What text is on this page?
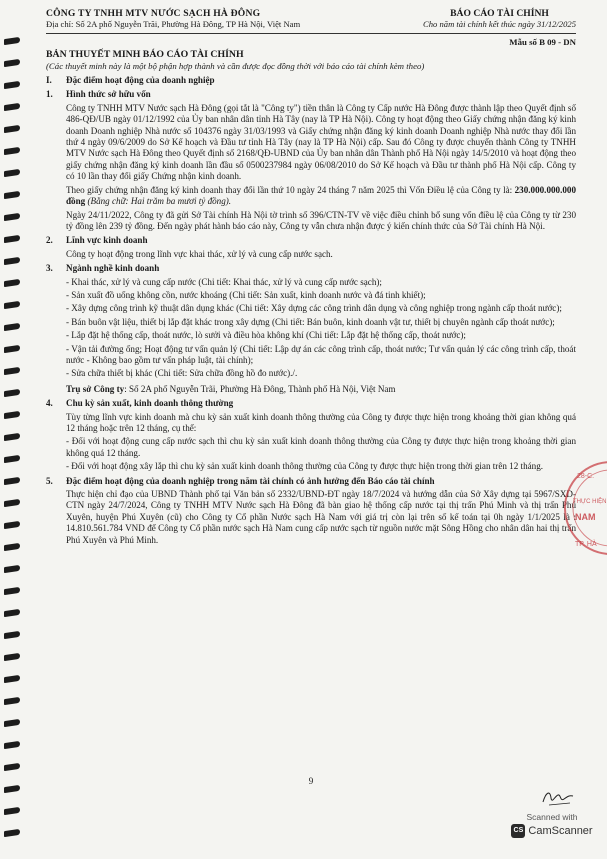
CÔNG TY TNHH MTV NƯỚC SẠCH HÀ ĐÔNG
Địa chỉ: Số 2A phố Nguyễn Trãi, Phường Hà Đông, TP Hà Nội, Việt Nam
BÁO CÁO TÀI CHÍNH
Cho năm tài chính kết thúc ngày 31/12/2025
Mẫu số B 09 - DN
BẢN THUYẾT MINH BÁO CÁO TÀI CHÍNH
(Các thuyết minh này là một bộ phận hợp thành và cần được đọc đồng thời với báo cáo tài chính kèm theo)
I.	Đặc điểm hoạt động của doanh nghiệp
1.	Hình thức sở hữu vốn
Công ty TNHH MTV Nước sạch Hà Đông (gọi tắt là "Công ty") tiền thân là Công ty Cấp nước Hà Đông được thành lập theo Quyết định số 486-QĐ/UB ngày 01/12/1992 của Ủy ban nhân dân tỉnh Hà Tây (nay là TP Hà Nội). Công ty hoạt động theo Giấy chứng nhận đăng ký kinh doanh Doanh nghiệp Nhà nước số 104376 ngày 31/03/1993 và Giấy chứng nhận đăng ký kinh doanh Doanh nghiệp Nhà nước thay đổi lần thứ 4 ngày 09/6/2009 do Sở Kế hoạch và Đầu tư tỉnh Hà Tây (nay là TP Hà Nội) cấp. Sau đó Công ty được chuyển thành Công ty TNHH MTV Nước sạch Hà Đông theo Quyết định số 2168/QĐ-UBND của Ủy ban nhân dân Thành phố Hà Nội ngày 14/5/2010 và hoạt động theo giấy chứng nhận đăng ký kinh doanh lần đầu số 0500237984 ngày 06/08/2010 do Sở Kế hoạch và Đầu tư thành phố Hà Nội cấp. Công ty có 10 lần thay đổi giấy Chứng nhận kinh doanh.
Theo giấy chứng nhận đăng ký kinh doanh thay đổi lần thứ 10 ngày 24 tháng 7 năm 2025 thì Vốn Điều lệ của Công ty là: 230.000.000.000 đồng (Bằng chữ: Hai trăm ba mươi tỷ đồng).
Ngày 24/11/2022, Công ty đã gửi Sở Tài chính Hà Nội tờ trình số 396/CTN-TV về việc điều chỉnh bổ sung vốn điều lệ của Công ty từ 230 tỷ đồng lên 239 tỷ đồng. Đến ngày phát hành báo cáo này, Công ty vẫn chưa nhận được ý kiến chính thức của Sở Tài chính Hà Nội.
2.	Lĩnh vực kinh doanh
Công ty hoạt động trong lĩnh vực khai thác, xử lý và cung cấp nước sạch.
3.	Ngành nghề kinh doanh
- Khai thác, xử lý và cung cấp nước (Chi tiết: Khai thác, xử lý và cung cấp nước sạch);
- Sản xuất đồ uống không cồn, nước khoáng (Chi tiết: Sản xuất, kinh doanh nước và đá tinh khiết);
- Xây dựng công trình kỹ thuật dân dụng khác (Chi tiết: Xây dựng các công trình dân dụng và công nghiệp trong ngành cấp thoát nước);
- Bán buôn vật liệu, thiết bị lắp đặt khác trong xây dựng (Chi tiết: Bán buôn, kinh doanh vật tư, thiết bị chuyên ngành cấp thoát nước);
- Lắp đặt hệ thống cấp, thoát nước, lò sưởi và điều hòa không khí (Chi tiết: Lắp đặt hệ thống cấp, thoát nước);
- Vận tải đường ống; Hoạt động tư vấn quản lý (Chi tiết: Lập dự án các công trình cấp, thoát nước; Tư vấn quản lý các công trình cấp, thoát nước - Không bao gồm tư vấn pháp luật, tài chính);
- Sửa chữa thiết bị khác (Chi tiết: Sửa chữa đồng hồ đo nước)./.
Trụ sở Công ty: Số 2A phố Nguyễn Trãi, Phường Hà Đông, Thành phố Hà Nội, Việt Nam
4.	Chu kỳ sản xuất, kinh doanh thông thường
Tùy từng lĩnh vực kinh doanh mà chu kỳ sản xuất kinh doanh thông thường của Công ty được thực hiện trong khoảng thời gian không quá 12 tháng hoặc trên 12 tháng, cụ thể:
- Đối với hoạt động cung cấp nước sạch thì chu kỳ sản xuất kinh doanh thông thường của Công ty được thực hiện trong khoảng thời gian không quá 12 tháng.
- Đối với hoạt động xây lắp thì chu kỳ sản xuất kinh doanh thông thường của Công ty được thực hiện trong thời gian trên 12 tháng.
5.	Đặc điểm hoạt động của doanh nghiệp trong năm tài chính có ảnh hưởng đến Báo cáo tài chính
Thực hiện chỉ đạo của UBND Thành phố tại Văn bản số 2332/UBND-ĐT ngày 18/7/2024 và hướng dẫn của Sở Xây dựng tại 5967/SXD-CTN ngày 24/7/2024, Công ty TNHH MTV Nước sạch Hà Đông đã bàn giao hệ thống cấp nước tại thị trấn Phú Minh và thị trấn Phú Xuyên, huyện Phú Xuyên (cũ) cho Công ty Cổ phần Nước sạch Hà Nam với giá trị còn lại trên số kế toán tại 0h ngày 1/1/2025 là : 14.810.561.784 VND để Công ty Cổ phần nước sạch Hà Nam cung cấp nước sạch từ nguồn nước mặt Sông Hồng cho nhân dân hai thị trấn Phú Xuyên và Phú Minh.
9
28-C.
THỰC HIỆN
NAM
TP. HÀ
Scanned with
CS CamScanner
